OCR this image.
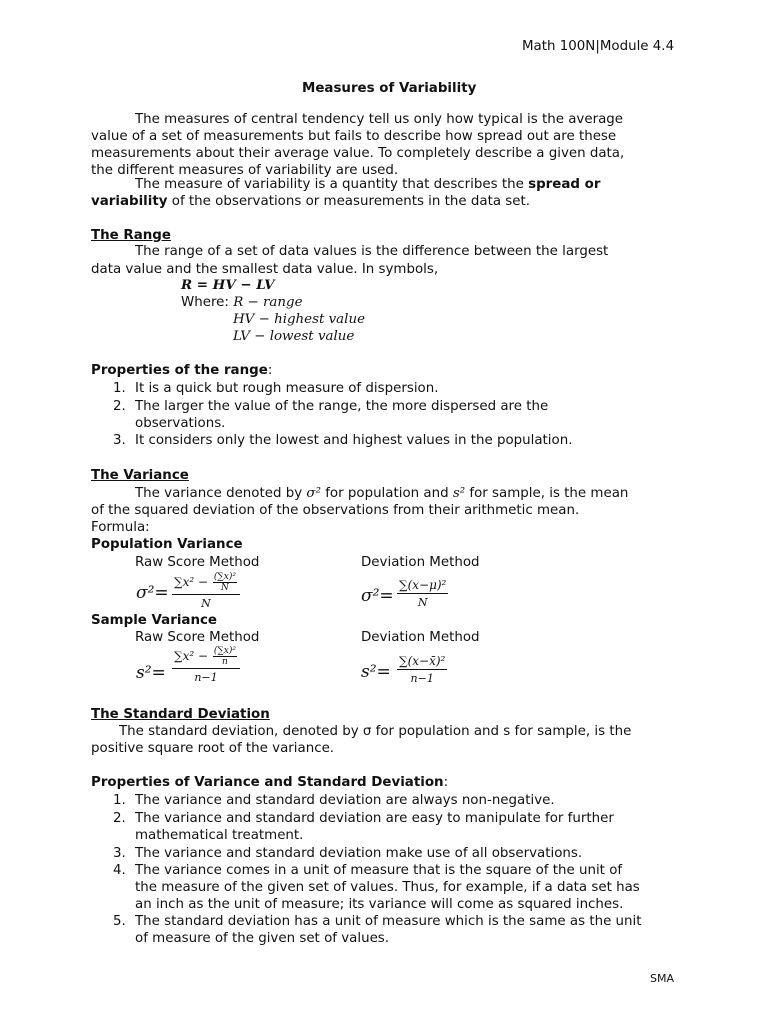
Math 100N|Module 4.4
Measures of Variability
The measures of central tendency tell us only how typical is the average
value of a set of measurements but fails to describe how spread out are these
measurements about their average value. To completely describe a given data,
the different measures of variability are used.
The measure of variability is a quantity that describes the spread or
variability of the observations or measurements in the data set.
The Range
The range of a set of data values is the difference between the largest
data value and the smallest data value. In symbols,
R = HV − LV
Where: R − range
HV − highest value
LV − lowest value
Properties of the range:
1. It is a quick but rough measure of dispersion.
2. The larger the value of the range, the more dispersed are the
observations.
3. It considers only the lowest and highest values in the population.
The Variance
The variance denoted by σ² for population and s² for sample, is the mean
of the squared deviation of the observations from their arithmetic mean.
Formula:
Population Variance
Raw Score Method	Deviation Method
$\sigma^2= \frac{\sum x^2 - \frac{\text{(∑x)²}}{N}}{N}$	$\sigma^2= \frac{\text{∑(x−μ)²}}{N}$
Sample Variance
Raw Score Method	Deviation Method
$s^2= \frac{\sum x^2 - \frac{\text{(∑x)²}}{n}}{n-1}$	$s^2= \frac{\text{∑(x−x̄)²}}{n-1}$
The Standard Deviation
The standard deviation, denoted by σ for population and s for sample, is the
positive square root of the variance.
Properties of Variance and Standard Deviation:
1. The variance and standard deviation are always non-negative.
2. The variance and standard deviation are easy to manipulate for further
mathematical treatment.
3. The variance and standard deviation make use of all observations.
4. The variance comes in a unit of measure that is the square of the unit of
the measure of the given set of values. Thus, for example, if a data set has
an inch as the unit of measure; its variance will come as squared inches.
5. The standard deviation has a unit of measure which is the same as the unit
of measure of the given set of values.
SMA
